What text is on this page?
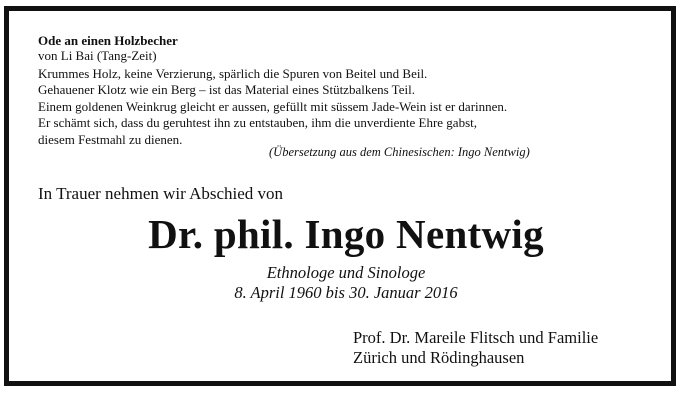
Ode an einen Holzbecher
von Li Bai (Tang-Zeit)
Krummes Holz, keine Verzierung, spärlich die Spuren von Beitel und Beil.
Gehauener Klotz wie ein Berg – ist das Material eines Stützbalkens Teil.
Einem goldenen Weinkrug gleicht er aussen, gefüllt mit süssem Jade-Wein ist er darinnen.
Er schämt sich, dass du geruhtest ihn zu entstauben, ihm die unverdiente Ehre gabst,
diesem Festmahl zu dienen.
(Übersetzung aus dem Chinesischen: Ingo Nentwig)
In Trauer nehmen wir Abschied von
Dr. phil. Ingo Nentwig
Ethnologe und Sinologe
8. April 1960 bis 30. Januar 2016
Prof. Dr. Mareile Flitsch und Familie
Zürich und Rödinghausen
